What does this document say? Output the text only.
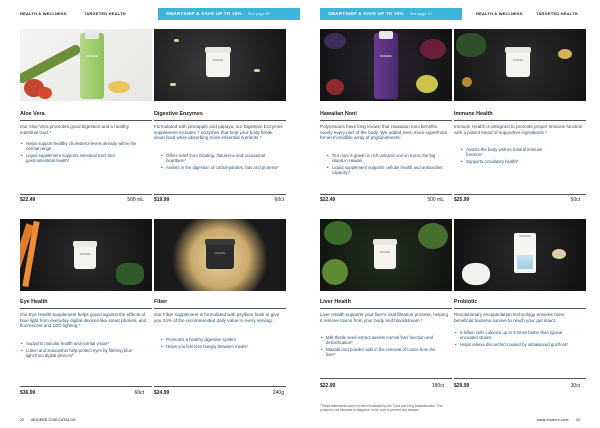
HEALTH & WELLNESS	TARGETED HEALTH	SMARTSHIP & SAVE UP TO 15% See page 87
MODERE
Aloe Vera
Our Aloe Vera promotes good digestion and a healthy intestinal tract.*
• Helps support healthy cholesterol levels already within the normal range.
• Liquid supplement supports intestinal tract and gastrointestinal health*
$22.49	500 mL
MODERE
Digestive Enzymes
Formulated with pineapple and papaya, our Digestive Enzymes supplement includes 7 enzymes that help your body break down food while absorbing more essential nutrients.*
• Offers relief from bloating, flatulence and occasional heartburn*
• Assists in the digestion of carbohydrates, fats and proteins*
$19.99	60ct
MODERE
Eye Health
Our Eye Health supplement helps guard against the effects of blue light from everyday digital devices like smart phones, and fluorescent and LED lighting.*
• Supports macular health and normal vision*
• Lutein and zeaxanthin help protect eyes by filtering blue light from digital devices*
$36.99	60ct
MODERE
Fiber
Our Fiber supplement is formulated with psyllium husk to give you 24% of the recommended daily value in every serving.
• Promotes a healthy digestive system
• Helps you feel less hungry between meals*
$24.99	240g
22 MODERE.COM CATALOG
SMARTSHIP & SAVE UP TO 15% See page 87	HEALTH & WELLNESS	TARGETED HEALTH
MODERE
Hawaiian Noni
Polynesians have long known that Hawaiian noni benefits nearly every part of the body. We added even more superfruits for an incredible array of phytonutrients.
• Our noni is grown in rich volcanic soil on Kona, the big island in Hawaii
• Liquid supplement supports cellular health and antioxidant capacity.*
$22.49	500 mL
MODERE
Immune Health
Immune Health is designed to promote proper immune function with a potent blend of supportive ingredients.*
• Assists the body with its natural immune function*
• Supports circulatory health*
$25.99	50ct
MODERE
Liver Health
Liver Health supports your liver's vital filtration process, helping it remove toxins from your body and bloodstream.*
• Milk thistle seed extract assists normal liver function and detoxification*
• Wasabi root powder aids in the removal of toxins from the liver*
$22.99	180ct
MODERE
Probiotic
Revolutionary encapsulation technology ensures more beneficial bacteria survive to reach your gut intact.
• 5 billion cells colonize up to 5 times better than typical uncoated strains
• Helps relieve discomfort caused by imbalanced gut flora*
$29.99	30ct
*These statements have not been evaluated by the Food and Drug Administration. This product is not intended to diagnose, treat, cure or prevent any disease.
www.modere.com 23
